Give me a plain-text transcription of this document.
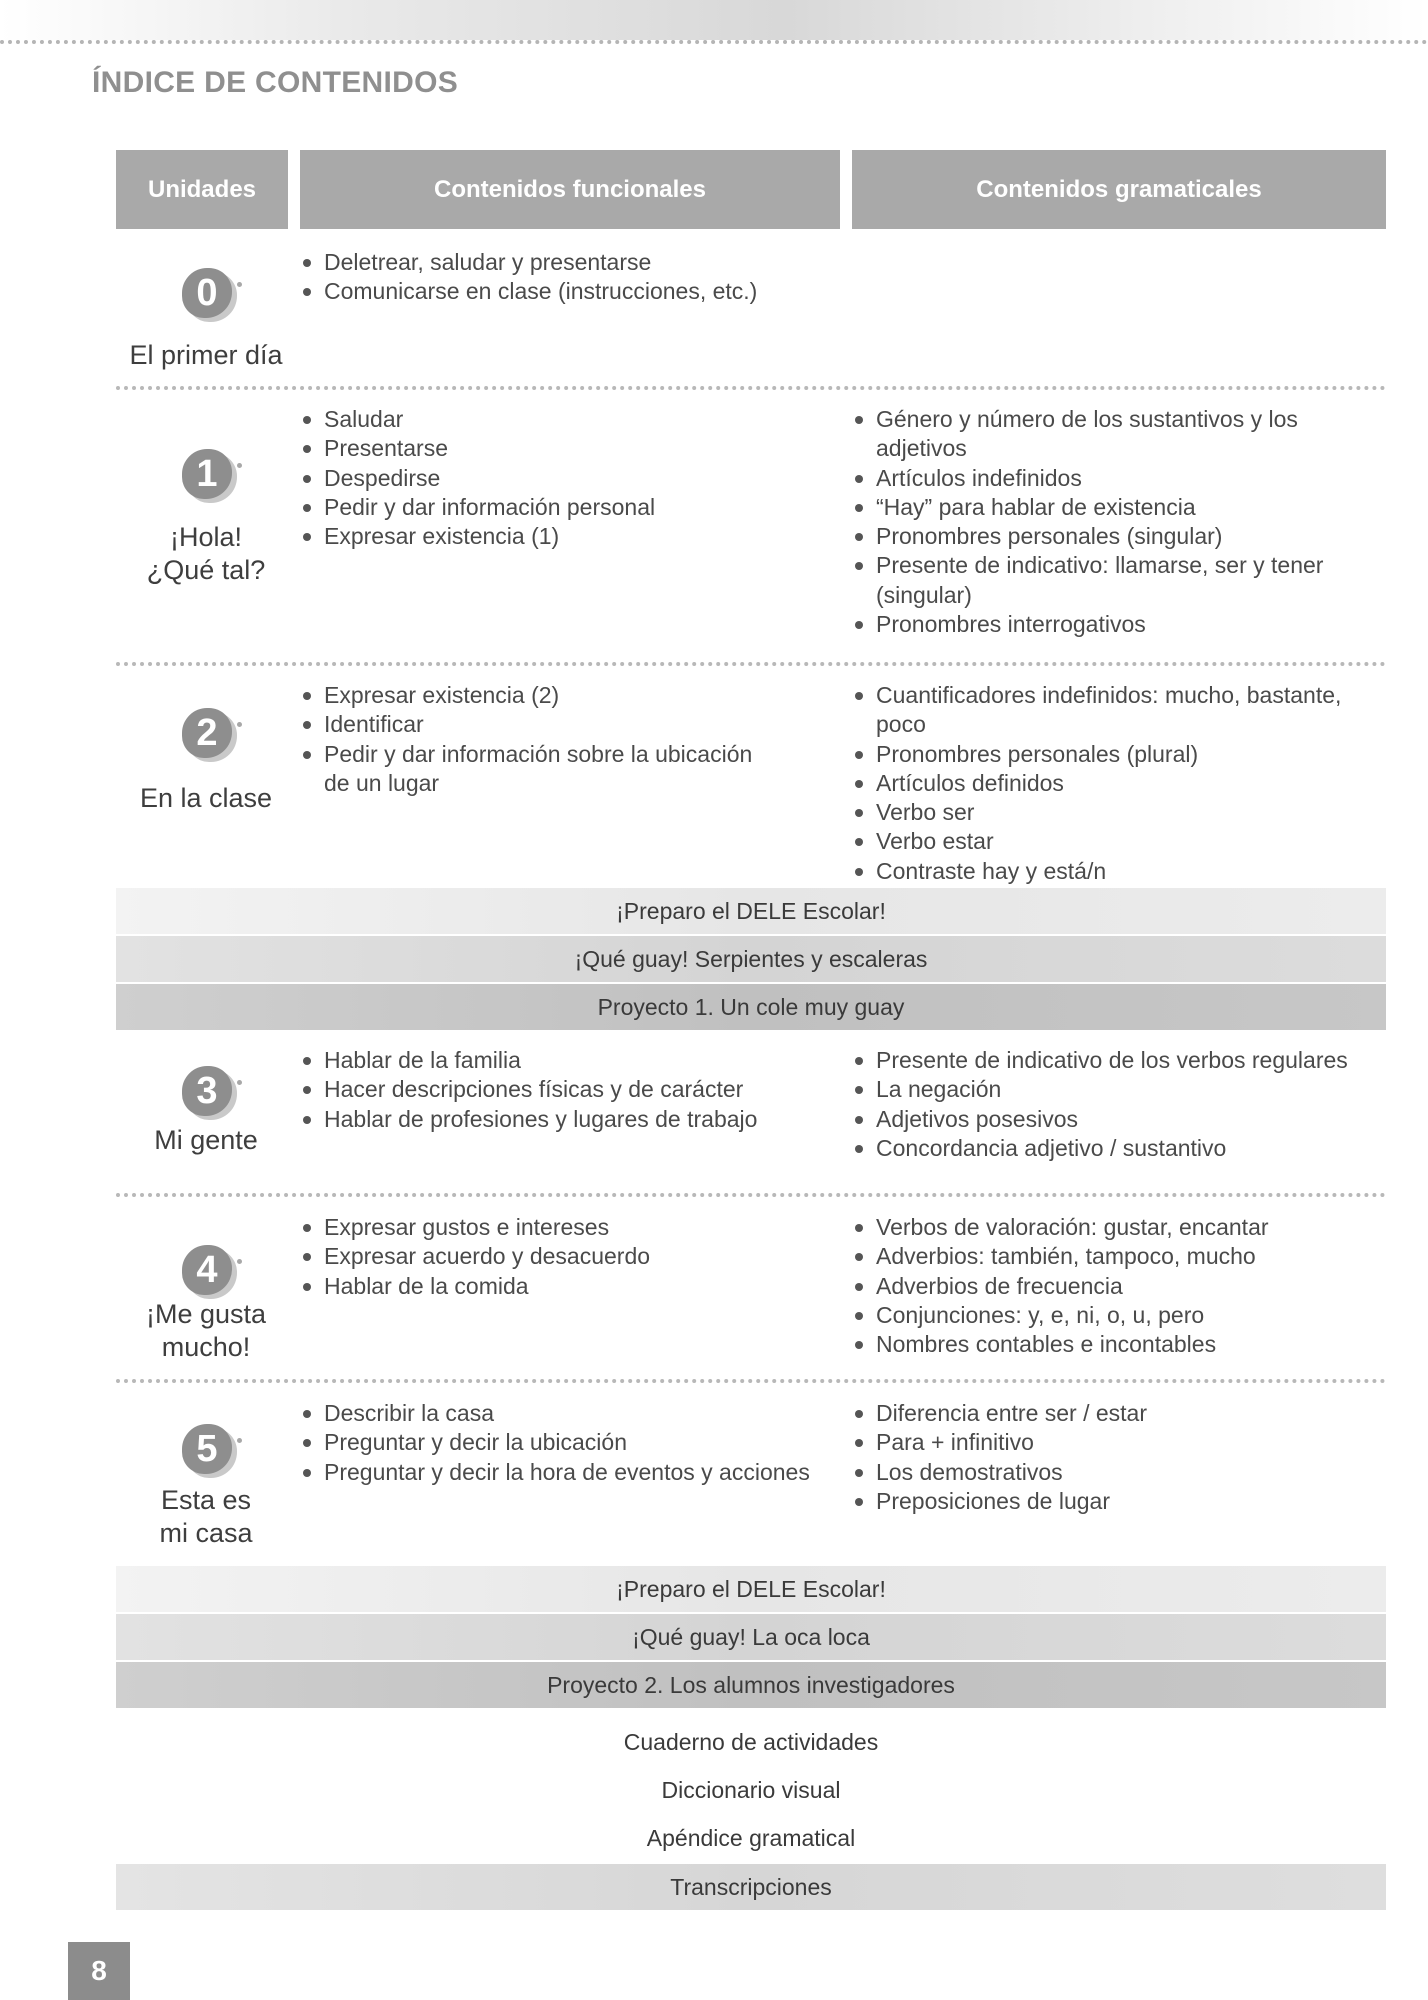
ÍNDICE DE CONTENIDOS
Unidades	Contenidos funcionales	Contenidos gramaticales
0
El primer día
Deletrear, saludar y presentarse
Comunicarse en clase (instrucciones, etc.)
1
¡Hola!
¿Qué tal?
Saludar
Presentarse
Despedirse
Pedir y dar información personal
Expresar existencia (1)
Género y número de los sustantivos y los adjetivos
Artículos indefinidos
“Hay” para hablar de existencia
Pronombres personales (singular)
Presente de indicativo: llamarse, ser y tener (singular)
Pronombres interrogativos
2
En la clase
Expresar existencia (2)
Identificar
Pedir y dar información sobre la ubicación de un lugar
Cuantificadores indefinidos: mucho, bastante, poco
Pronombres personales (plural)
Artículos definidos
Verbo ser
Verbo estar
Contraste hay y está/n
¡Preparo el DELE Escolar!
¡Qué guay! Serpientes y escaleras
Proyecto 1. Un cole muy guay
3
Mi gente
Hablar de la familia
Hacer descripciones físicas y de carácter
Hablar de profesiones y lugares de trabajo
Presente de indicativo de los verbos regulares
La negación
Adjetivos posesivos
Concordancia adjetivo / sustantivo
4
¡Me gusta
mucho!
Expresar gustos e intereses
Expresar acuerdo y desacuerdo
Hablar de la comida
Verbos de valoración: gustar, encantar
Adverbios: también, tampoco, mucho
Adverbios de frecuencia
Conjunciones: y, e, ni, o, u, pero
Nombres contables e incontables
5
Esta es
mi casa
Describir la casa
Preguntar y decir la ubicación
Preguntar y decir la hora de eventos y acciones
Diferencia entre ser / estar
Para + infinitivo
Los demostrativos
Preposiciones de lugar
¡Preparo el DELE Escolar!
¡Qué guay! La oca loca
Proyecto 2. Los alumnos investigadores
Cuaderno de actividades
Diccionario visual
Apéndice gramatical
Transcripciones
8
